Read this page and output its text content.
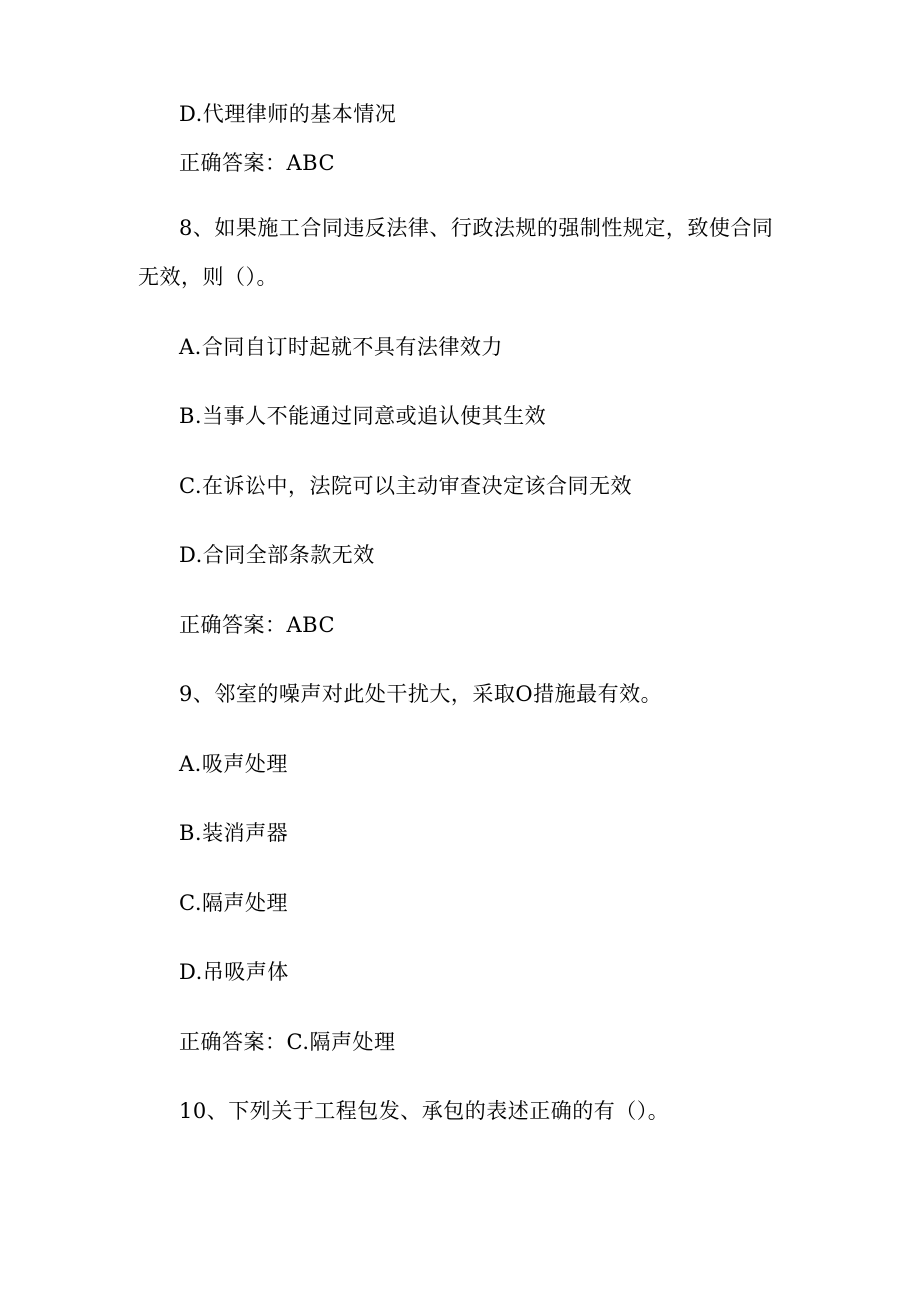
D.代理律师的基本情况
正确答案：ABC
8、如果施工合同违反法律、行政法规的强制性规定，致使合同
无效，则（）。
A.合同自订时起就不具有法律效力
B.当事人不能通过同意或追认使其生效
C.在诉讼中，法院可以主动审查决定该合同无效
D.合同全部条款无效
正确答案：ABC
9、邻室的噪声对此处干扰大，采取O措施最有效。
A.吸声处理
B.装消声器
C.隔声处理
D.吊吸声体
正确答案：C.隔声处理
10、下列关于工程包发、承包的表述正确的有（）。
